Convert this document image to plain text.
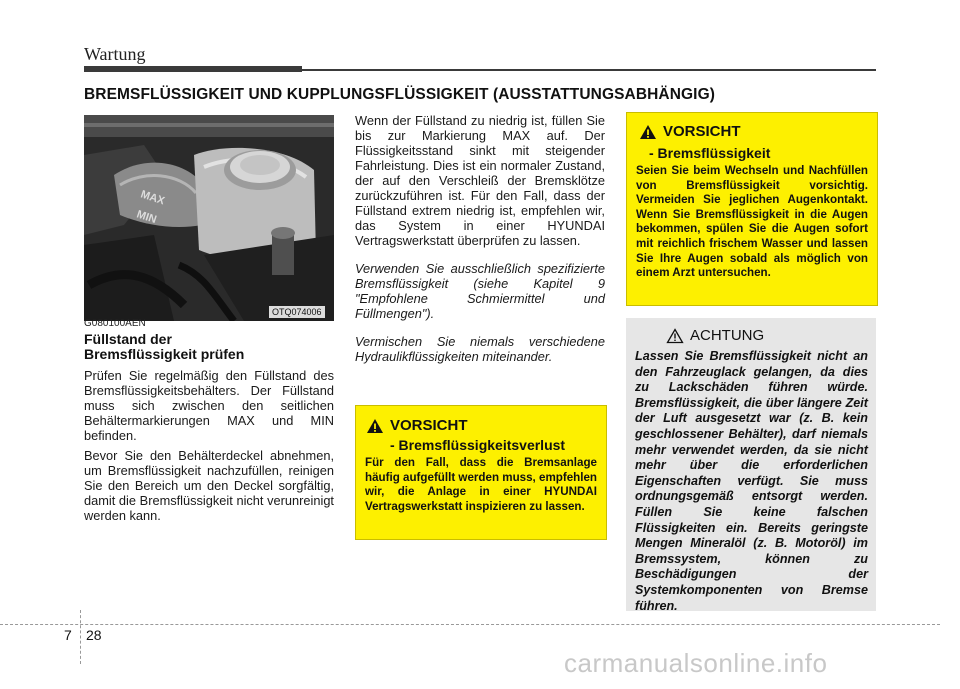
Wartung
BREMSFLÜSSIGKEIT UND KUPPLUNGSFLÜSSIGKEIT (AUSSTATTUNGSABHÄNGIG)
MAX
MIN
OTQ074006
G080100AEN
Füllstand der
Bremsflüssigkeit prüfen

Prüfen Sie regelmäßig den Füllstand des Bremsflüssigkeitsbehälters. Der Füllstand muss sich zwischen den seitlichen Behältermarkierungen MAX und MIN befinden.

Bevor Sie den Behälterdeckel abnehmen, um Bremsflüssigkeit nachzufüllen, reinigen Sie den Bereich um den Deckel sorgfältig, damit die Bremsflüssigkeit nicht verunreinigt werden kann.

Wenn der Füllstand zu niedrig ist, füllen Sie bis zur Markierung MAX auf. Der Flüssigkeitsstand sinkt mit steigender Fahrleistung. Dies ist ein normaler Zustand, der auf den Verschleiß der Bremsklötze zurückzuführen ist. Für den Fall, dass der Füllstand extrem niedrig ist, empfehlen wir, das System in einer HYUNDAI Vertragswerkstatt überprüfen zu lassen.

Verwenden Sie ausschließlich spezifizierte Bremsflüssigkeit (siehe Kapitel 9 "Empfohlene Schmiermittel und Füllmengen").

Vermischen Sie niemals verschiedene Hydraulikflüssigkeiten miteinander.

VORSICHT
- Bremsflüssigkeit
Seien Sie beim Wechseln und Nachfüllen von Bremsflüssigkeit vorsichtig. Vermeiden Sie jeglichen Augenkontakt. Wenn Sie Bremsflüssigkeit in die Augen bekommen, spülen Sie die Augen sofort mit reichlich frischem Wasser und lassen Sie Ihre Augen sobald als möglich von einem Arzt untersuchen.
VORSICHT
- Bremsflüssigkeitsverlust
Für den Fall, dass die Bremsanlage häufig aufgefüllt werden muss, empfehlen wir, die Anlage in einer HYUNDAI Vertragswerkstatt inspizieren zu lassen.
ACHTUNG
Lassen Sie Bremsflüssigkeit nicht an den Fahrzeuglack gelangen, da dies zu Lackschäden führen würde. Bremsflüssigkeit, die über längere Zeit der Luft ausgesetzt war (z. B. kein geschlossener Behälter), darf niemals mehr verwendet werden, da sie nicht mehr über die erforderlichen Eigenschaften verfügt. Sie muss ordnungsgemäß entsorgt werden. Füllen Sie keine falschen Flüssigkeiten ein. Bereits geringste Mengen Mineralöl (z. B. Motoröl) im Bremssystem, können zu Beschädigungen der Systemkomponenten von Bremse führen.
7 28
carmanualsonline.info
